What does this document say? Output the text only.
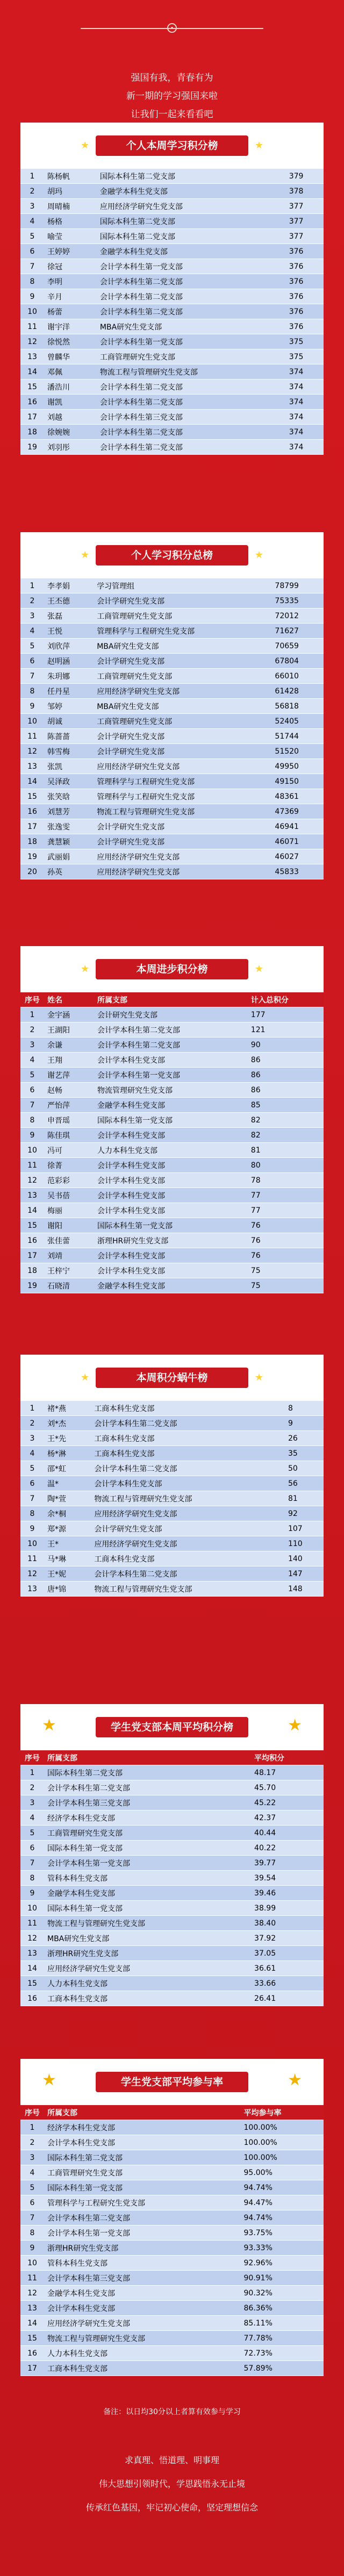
强国有我，青春有为
新一期的学习强国来啦
让我们一起来看看吧
个人本周学习积分榜
★	★
1	陈杨帆	国际本科生第二党支部	379
2	胡玛	金融学本科生党支部	378
3	周晴楠	应用经济学研究生党支部	377
4	杨格	国际本科生第二党支部	377
5	喻莹	国际本科生第二党支部	377
6	王婷婷	金融学本科生党支部	376
7	徐冠	会计学本科生第一党支部	376
8	李明	会计学本科生第二党支部	376
9	辛月	会计学本科生第二党支部	376
10	杨蕾	会计学本科生第二党支部	376
11	谢宇洋	MBA研究生党支部	376
12	徐悦然	会计学本科生第一党支部	375
13	曾麟华	工商管理研究生党支部	375
14	邓佩	物流工程与管理研究生党支部	374
15	潘浩川	会计学本科生第二党支部	374
16	谢凯	会计学本科生第二党支部	374
17	刘越	会计学本科生第三党支部	374
18	徐婉婉	会计学本科生第二党支部	374
19	刘羽彤	会计学本科生第二党支部	374
个人学习积分总榜
★	★
1	李孝娟	学习管理组	78799
2	王丕德	会计学研究生党支部	75335
3	张磊	工商管理研究生党支部	72012
4	王悦	管理科学与工程研究生党支部	71627
5	刘欣萍	MBA研究生党支部	70659
6	赵明涵	会计学研究生党支部	67804
7	朱玥娜	工商管理研究生党支部	66010
8	任丹星	应用经济学研究生党支部	61428
9	邹婷	MBA研究生党支部	56818
10	胡诚	工商管理研究生党支部	52405
11	陈蔷蔷	会计学研究生党支部	51744
12	韩雪梅	会计学研究生党支部	51520
13	张凯	应用经济学研究生党支部	49950
14	吴泽政	管理科学与工程研究生党支部	49150
15	张笑晗	管理科学与工程研究生党支部	48361
16	刘慧芳	物流工程与管理研究生党支部	47369
17	张逸雯	会计学研究生党支部	46941
18	龚慧颖	会计学研究生党支部	46071
19	武丽娟	应用经济学研究生党支部	46027
20	孙英	应用经济学研究生党支部	45833
本周进步积分榜
★	★
序号	姓名	所属支部	计入总积分
1	金宇涵	会计研究生党支部	177
2	王湖阳	会计学本科生第二党支部	121
3	余谦	会计学本科生第二党支部	90
4	王翔	会计学本科生党支部	86
5	谢艺萍	会计学本科生第一党支部	86
6	赵畅	物流管理研究生党支部	86
7	严怡萍	金融学本科生党支部	85
8	申晋瑶	国际本科生第一党支部	82
9	陈佳琪	会计学本科生党支部	82
10	冯可	人力本科生党支部	81
11	徐菁	会计学本科生党支部	80
12	范彩彩	会计学本科生党支部	78
13	吴书蓓	会计学本科生党支部	77
14	梅丽	会计学本科生党支部	77
15	谢阳	国际本科生第一党支部	76
16	张佳蕾	浙理HR研究生党支部	76
17	刘靖	会计学本科生党支部	76
18	王梓宁	会计学本科生党支部	75
19	石晓清	金融学本科生党支部	75
本周积分蜗牛榜
★	★
1	褚*燕	工商本科生党支部	8
2	刘*杰	会计学本科生第二党支部	9
3	王*先	工商本科生党支部	26
4	杨*淋	工商本科生党支部	35
5	邵*虹	会计学本科生第二党支部	50
6	温*	会计学本科生党支部	56
7	陶*萱	物流工程与管理研究生党支部	81
8	余*桐	应用经济学研究生党支部	92
9	郑*源	会计学研究生党支部	107
10	王*	应用经济学研究生党支部	110
11	马*琳	工商本科生党支部	140
12	王*妮	会计学本科生第二党支部	147
13	唐*锦	物流工程与管理研究生党支部	148
★	★
学生党支部本周平均积分榜
序号	所属支部	平均积分
1	国际本科生第二党支部	48.17
2	会计学本科生第二党支部	45.70
3	会计学本科生第三党支部	45.22
4	经济学本科生党支部	42.37
5	工商管理研究生党支部	40.44
6	国际本科生第一党支部	40.22
7	会计学本科生第一党支部	39.77
8	管科本科生党支部	39.54
9	金融学本科生党支部	39.46
10	国际本科生第一党支部	38.99
11	物流工程与管理研究生党支部	38.40
12	MBA研究生党支部	37.92
13	浙理HR研究生党支部	37.05
14	应用经济学研究生党支部	36.61
15	人力本科生党支部	33.66
16	工商本科生党支部	26.41
★	★
学生党支部平均参与率
序号	所属支部	平均参与率
1	经济学本科生党支部	100.00%
2	会计学本科生党支部	100.00%
3	国际本科生第二党支部	100.00%
4	工商管理研究生党支部	95.00%
5	国际本科生第一党支部	94.74%
6	管理科学与工程研究生党支部	94.47%
7	会计学本科生第二党支部	94.74%
8	会计学本科生第一党支部	93.75%
9	浙理HR研究生党支部	93.33%
10	管科本科生党支部	92.96%
11	会计学本科生第三党支部	90.91%
12	金融学本科生党支部	90.32%
13	会计学本科生党支部	86.36%
14	应用经济学研究生党支部	85.11%
15	物流工程与管理研究生党支部	77.78%
16	人力本科生党支部	72.73%
17	工商本科生党支部	57.89%
备注：以日均30分以上者算有效参与学习
求真理、悟道理、明事理
伟大思想引领时代，学思践悟永无止境
传承红色基因，牢记初心使命，坚定理想信念
